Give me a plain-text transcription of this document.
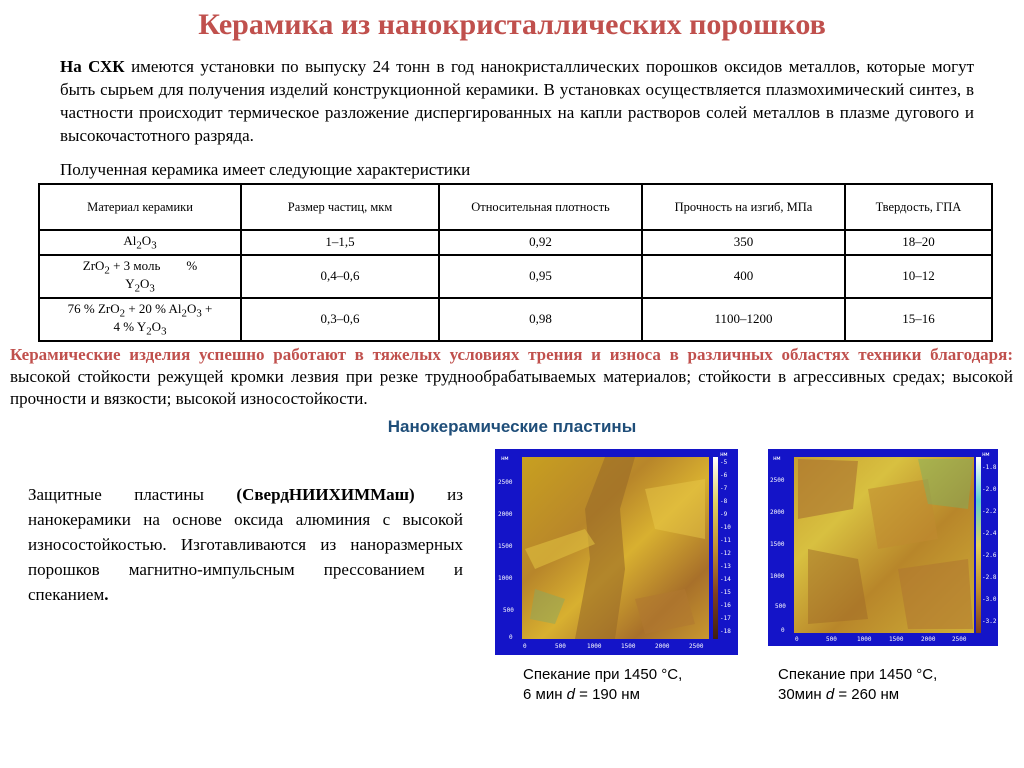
Керамика из нанокристаллических порошков
На СХК имеются установки по выпуску 24 тонн в год нанокристаллических порошков оксидов металлов, которые могут быть сырьем для получения изделий конструкционной керамики. В установках осуществляется плазмохимический синтез, в частности происходит термическое разложение диспергированных на капли растворов солей металлов в плазме дугового и высокочастотного разряда.
Полученная керамика имеет следующие характеристики
Материал керамики	Размер частиц, мкм	Относительная плотность	Прочность на изгиб, МПа	Твердость, ГПА
$Al_2O_3$	1–1,5	0,92	350	18–20
ZrO$_2$ + 3 моль        %
$Y_2O_3$	0,4–0,6	0,95	400	10–12
76 % ZrO$_2$ + 20 % $Al_2O_3$ +
4 % $Y_2O_3$	0,3–0,6	0,98	1100–1200	15–16
Керамические изделия успешно работают в тяжелых условиях трения и износа в различных областях техники благодаря: высокой стойкости режущей кромки лезвия при резке труднообрабатываемых материалов; стойкости в агрессивных средах; высокой прочности и вязкости; высокой износостойкости.
Нанокерамические пластины
Защитные пластины (СвердНИИХИММаш) из нанокерамики на основе оксида алюминия с высокой износостойкостью. Изготавливаются из наноразмерных порошков магнитно-импульсным прессованием и спеканием.
нм
2500
2000
1500
1000
500
0
0	500	1000	1500	2000	2500
нм
-5
-6
-7
-8
-9
-10
-11
-12
-13
-14
-15
-16
-17
-18
нм
2500
2000
1500
1000
500
0
0	500	1000	1500	2000	2500
нм
-1.8
-2.0
-2.2
-2.4
-2.6
-2.8
-3.0
-3.2
Спекание при 1450 °С,
6 мин d = 190 нм
Спекание при 1450 °С,
30мин d = 260 нм
